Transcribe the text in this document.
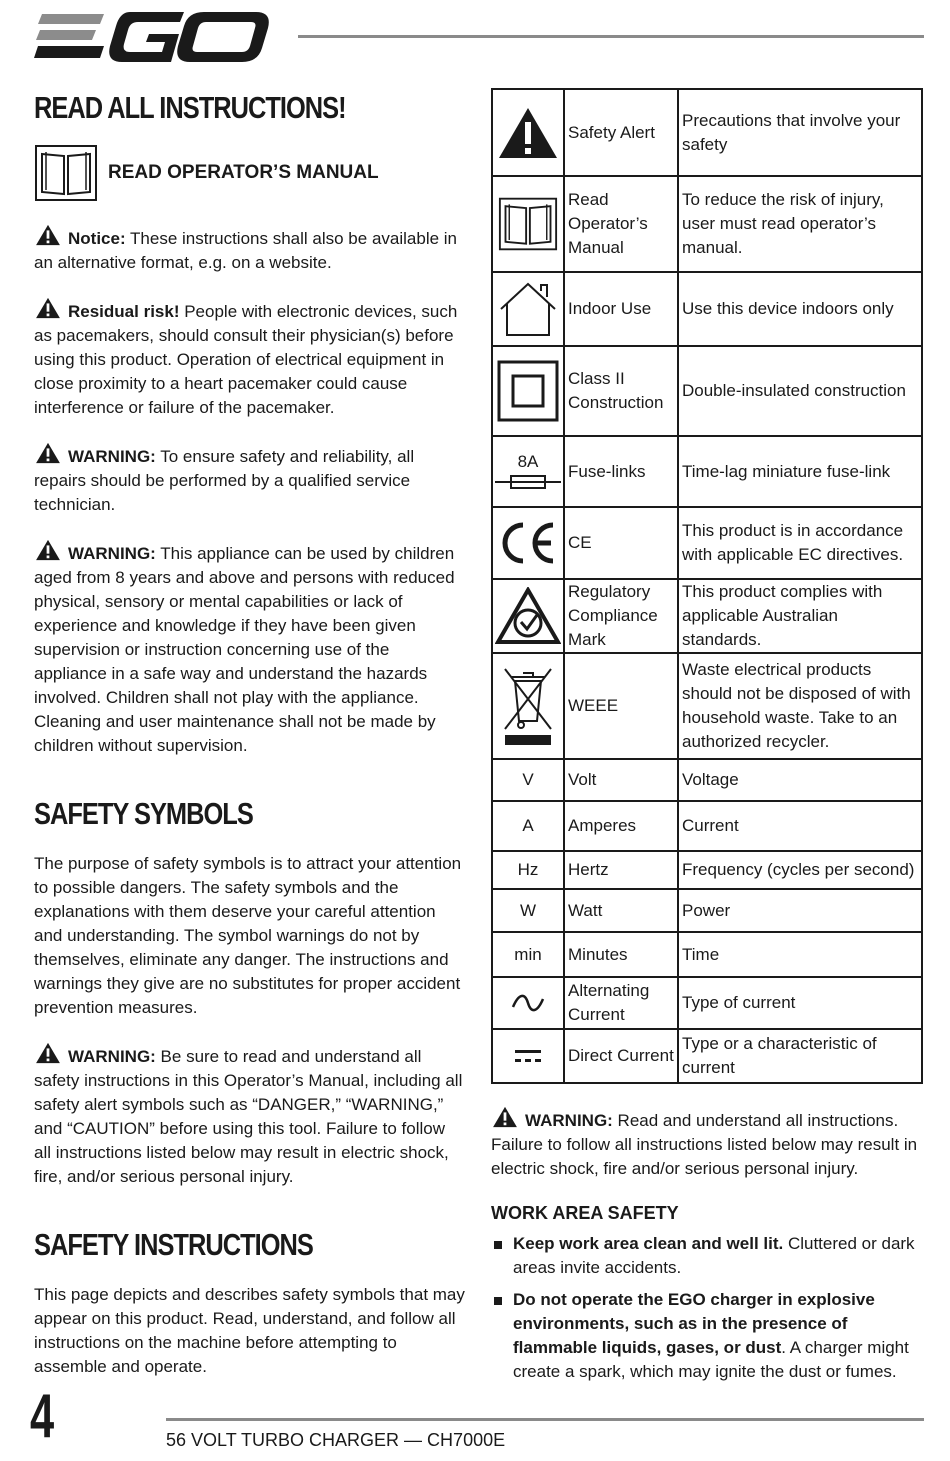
READ ALL INSTRUCTIONS!
READ OPERATOR’S MANUAL

Notice: These instructions shall also be available in an alternative format, e.g. on a website.

Residual risk! People with electronic devices, such as pacemakers, should consult their physician(s) before using this product. Operation of electrical equipment in close proximity to a heart pacemaker could cause interference or failure of the pacemaker.

WARNING: To ensure safety and reliability, all repairs should be performed by a qualified service technician.

WARNING: This appliance can be used by children aged from 8 years and above and persons with reduced physical, sensory or mental capabilities or lack of experience and knowledge if they have been given supervision or instruction concerning use of the appliance in a safe way and understand the hazards involved. Children shall not play with the appliance. Cleaning and user maintenance shall not be made by children without supervision.

SAFETY SYMBOLS

The purpose of safety symbols is to attract your attention to possible dangers. The safety symbols and the explanations with them deserve your careful attention and understanding. The symbol warnings do not by themselves, eliminate any danger. The instructions and warnings they give are no substitutes for proper accident prevention measures.

WARNING: Be sure to read and understand all safety instructions in this Operator’s Manual, including all safety alert symbols such as “DANGER,” “WARNING,” and “CAUTION” before using this tool. Failure to follow all instructions listed below may result in electric shock, fire, and/or serious personal injury.

SAFETY INSTRUCTIONS

This page depicts and describes safety symbols that may appear on this product. Read, understand, and follow all instructions on the machine before attempting to assemble and operate.

	Safety Alert	Precautions that involve your safety

	Read Operator’s Manual	To reduce the risk of injury, user must read operator’s manual.

	Indoor Use	Use this device indoors only

	Class II Construction	Double-insulated construction

8A	Fuse-links	Time-lag miniature fuse-link

	CE	This product is in accordance with applicable EC directives.

	Regulatory Compliance Mark	This product complies with applicable Australian standards.

	WEEE	Waste electrical products should not be disposed of with household waste. Take to an authorized recycler.
V	Volt	Voltage
A	Amperes	Current
Hz	Hertz	Frequency (cycles per second)
W	Watt	Power
min	Minutes	Time

	Alternating Current	Type of current

	Direct Current	Type or a characteristic of current

WARNING: Read and understand all instructions. Failure to follow all instructions listed below may result in electric shock, fire and/or serious personal injury.

WORK AREA SAFETY
Keep work area clean and well lit. Cluttered or dark areas invite accidents.
Do not operate the EGO charger in explosive environments, such as in the presence of flammable liquids, gases, or dust. A charger might create a spark, which may ignite the dust or fumes.
4	56 VOLT TURBO CHARGER — CH7000E
